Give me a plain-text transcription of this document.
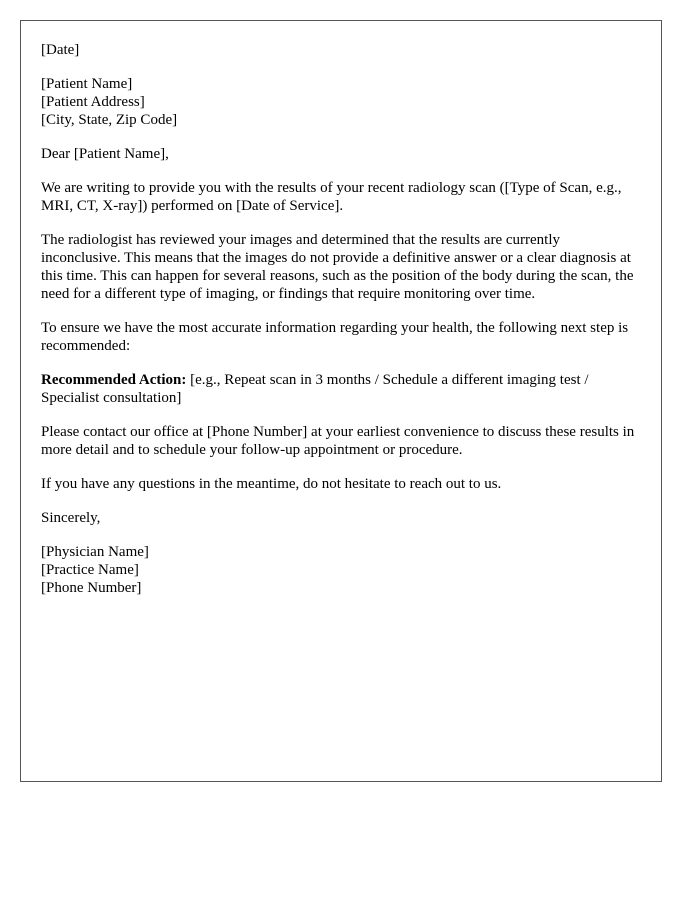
[Date]
[Patient Name]
[Patient Address]
[City, State, Zip Code]
Dear [Patient Name],
We are writing to provide you with the results of your recent radiology scan ([Type of Scan, e.g., MRI, CT, X-ray]) performed on [Date of Service].
The radiologist has reviewed your images and determined that the results are currently inconclusive. This means that the images do not provide a definitive answer or a clear diagnosis at this time. This can happen for several reasons, such as the position of the body during the scan, the need for a different type of imaging, or findings that require monitoring over time.
To ensure we have the most accurate information regarding your health, the following next step is recommended:
Recommended Action: [e.g., Repeat scan in 3 months / Schedule a different imaging test / Specialist consultation]
Please contact our office at [Phone Number] at your earliest convenience to discuss these results in more detail and to schedule your follow-up appointment or procedure.
If you have any questions in the meantime, do not hesitate to reach out to us.
Sincerely,
[Physician Name]
[Practice Name]
[Phone Number]
